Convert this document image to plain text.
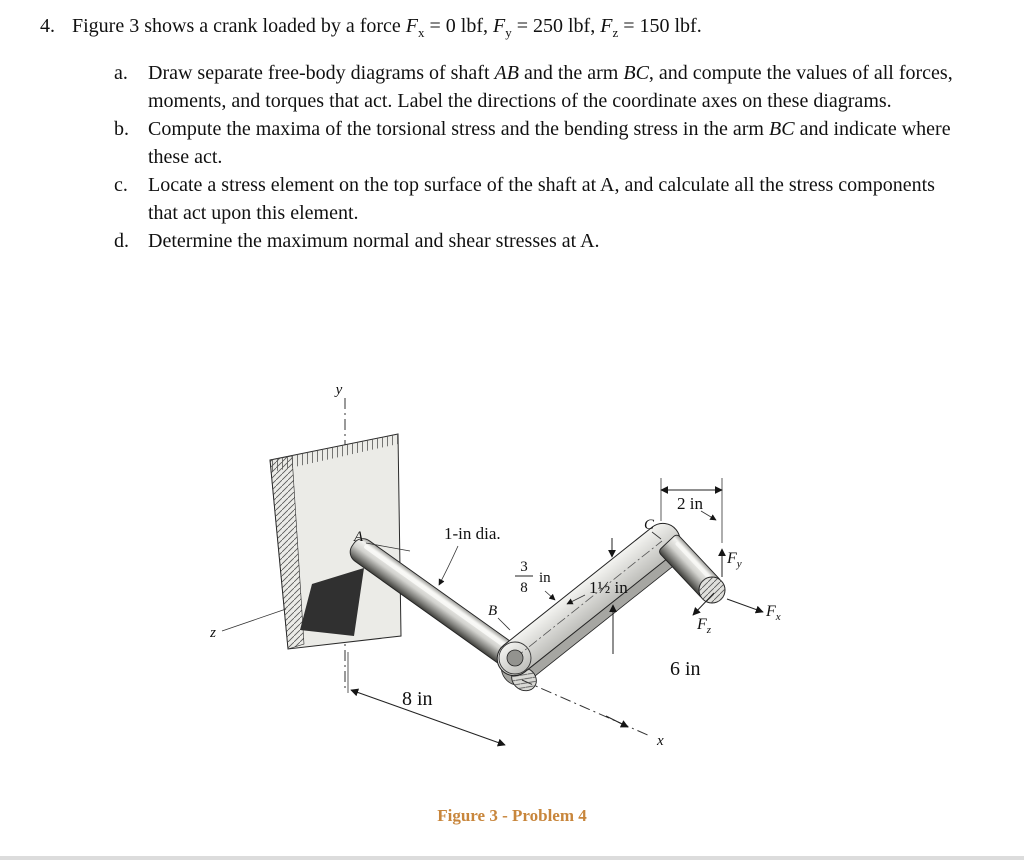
4. Figure 3 shows a crank loaded by a force $F_x = 0$ lbf, $F_y = 250$ lbf, $F_z = 150$ lbf.
a.	Draw separate free-body diagrams of shaft AB and the arm BC, and compute the values of all forces, moments, and torques that act. Label the directions of the coordinate axes on these diagrams.
b. Compute the maxima of the torsional stress and the bending stress in the arm BC and indicate where these act.
c.	Locate a stress element on the top surface of the shaft at A, and calculate all the stress components that act upon this element.
d. Determine the maximum normal and shear stresses at A.
y
x
z
A
B
C
1-in dia.
3
8
in 1½ in
2 in
$F_y$
$F_x$
$F_z$
6 in
8 in
Figure 3 - Problem 4
